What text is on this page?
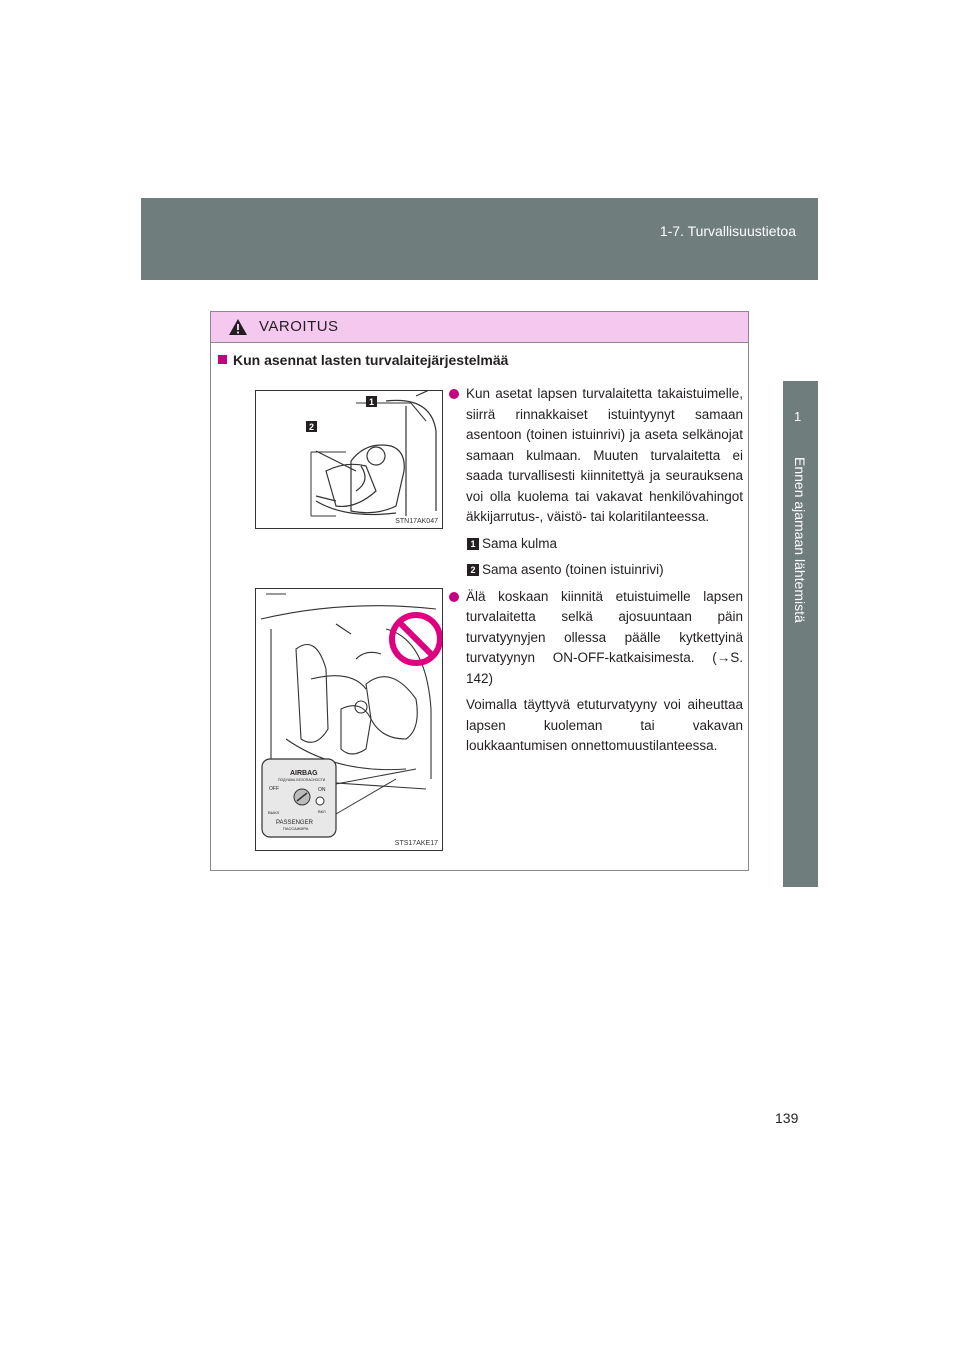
1-7. Turvallisuustietoa
1
Ennen ajamaan lähtemistä
VAROITUS
Kun asennat lasten turvalaitejärjestelmää
1
2
STN17AK047
AIRBAG
ПОДУШКА БЕЗОПАСНОСТИ
OFF	ON
ВЫКЛ	ВКЛ
PASSENGER
ПАССАЖИРА
STS17AKE17
Kun asetat lapsen turvalaitetta takaistuimelle, siirrä rinnakkaiset istuintyynyt samaan asentoon (toinen istuinrivi) ja aseta selkänojat samaan kulmaan. Muuten turvalaitetta ei saada turvallisesti kiinnitettyä ja seurauksena voi olla kuolema tai vakavat henkilövahingot äkkijarrutus-, väistö- tai kolaritilanteessa.
1 Sama kulma
2 Sama asento (toinen istuinrivi)
Älä koskaan kiinnitä etuistuimelle lapsen turvalaitetta selkä ajosuuntaan päin turvatyynyjen ollessa päälle kytkettyinä turvatyynyn ON-OFF-katkaisimesta. (→S. 142)
Voimalla täyttyvä etuturvatyyny voi aiheuttaa lapsen kuoleman tai vakavan loukkaantumisen onnettomuustilanteessa.
139
